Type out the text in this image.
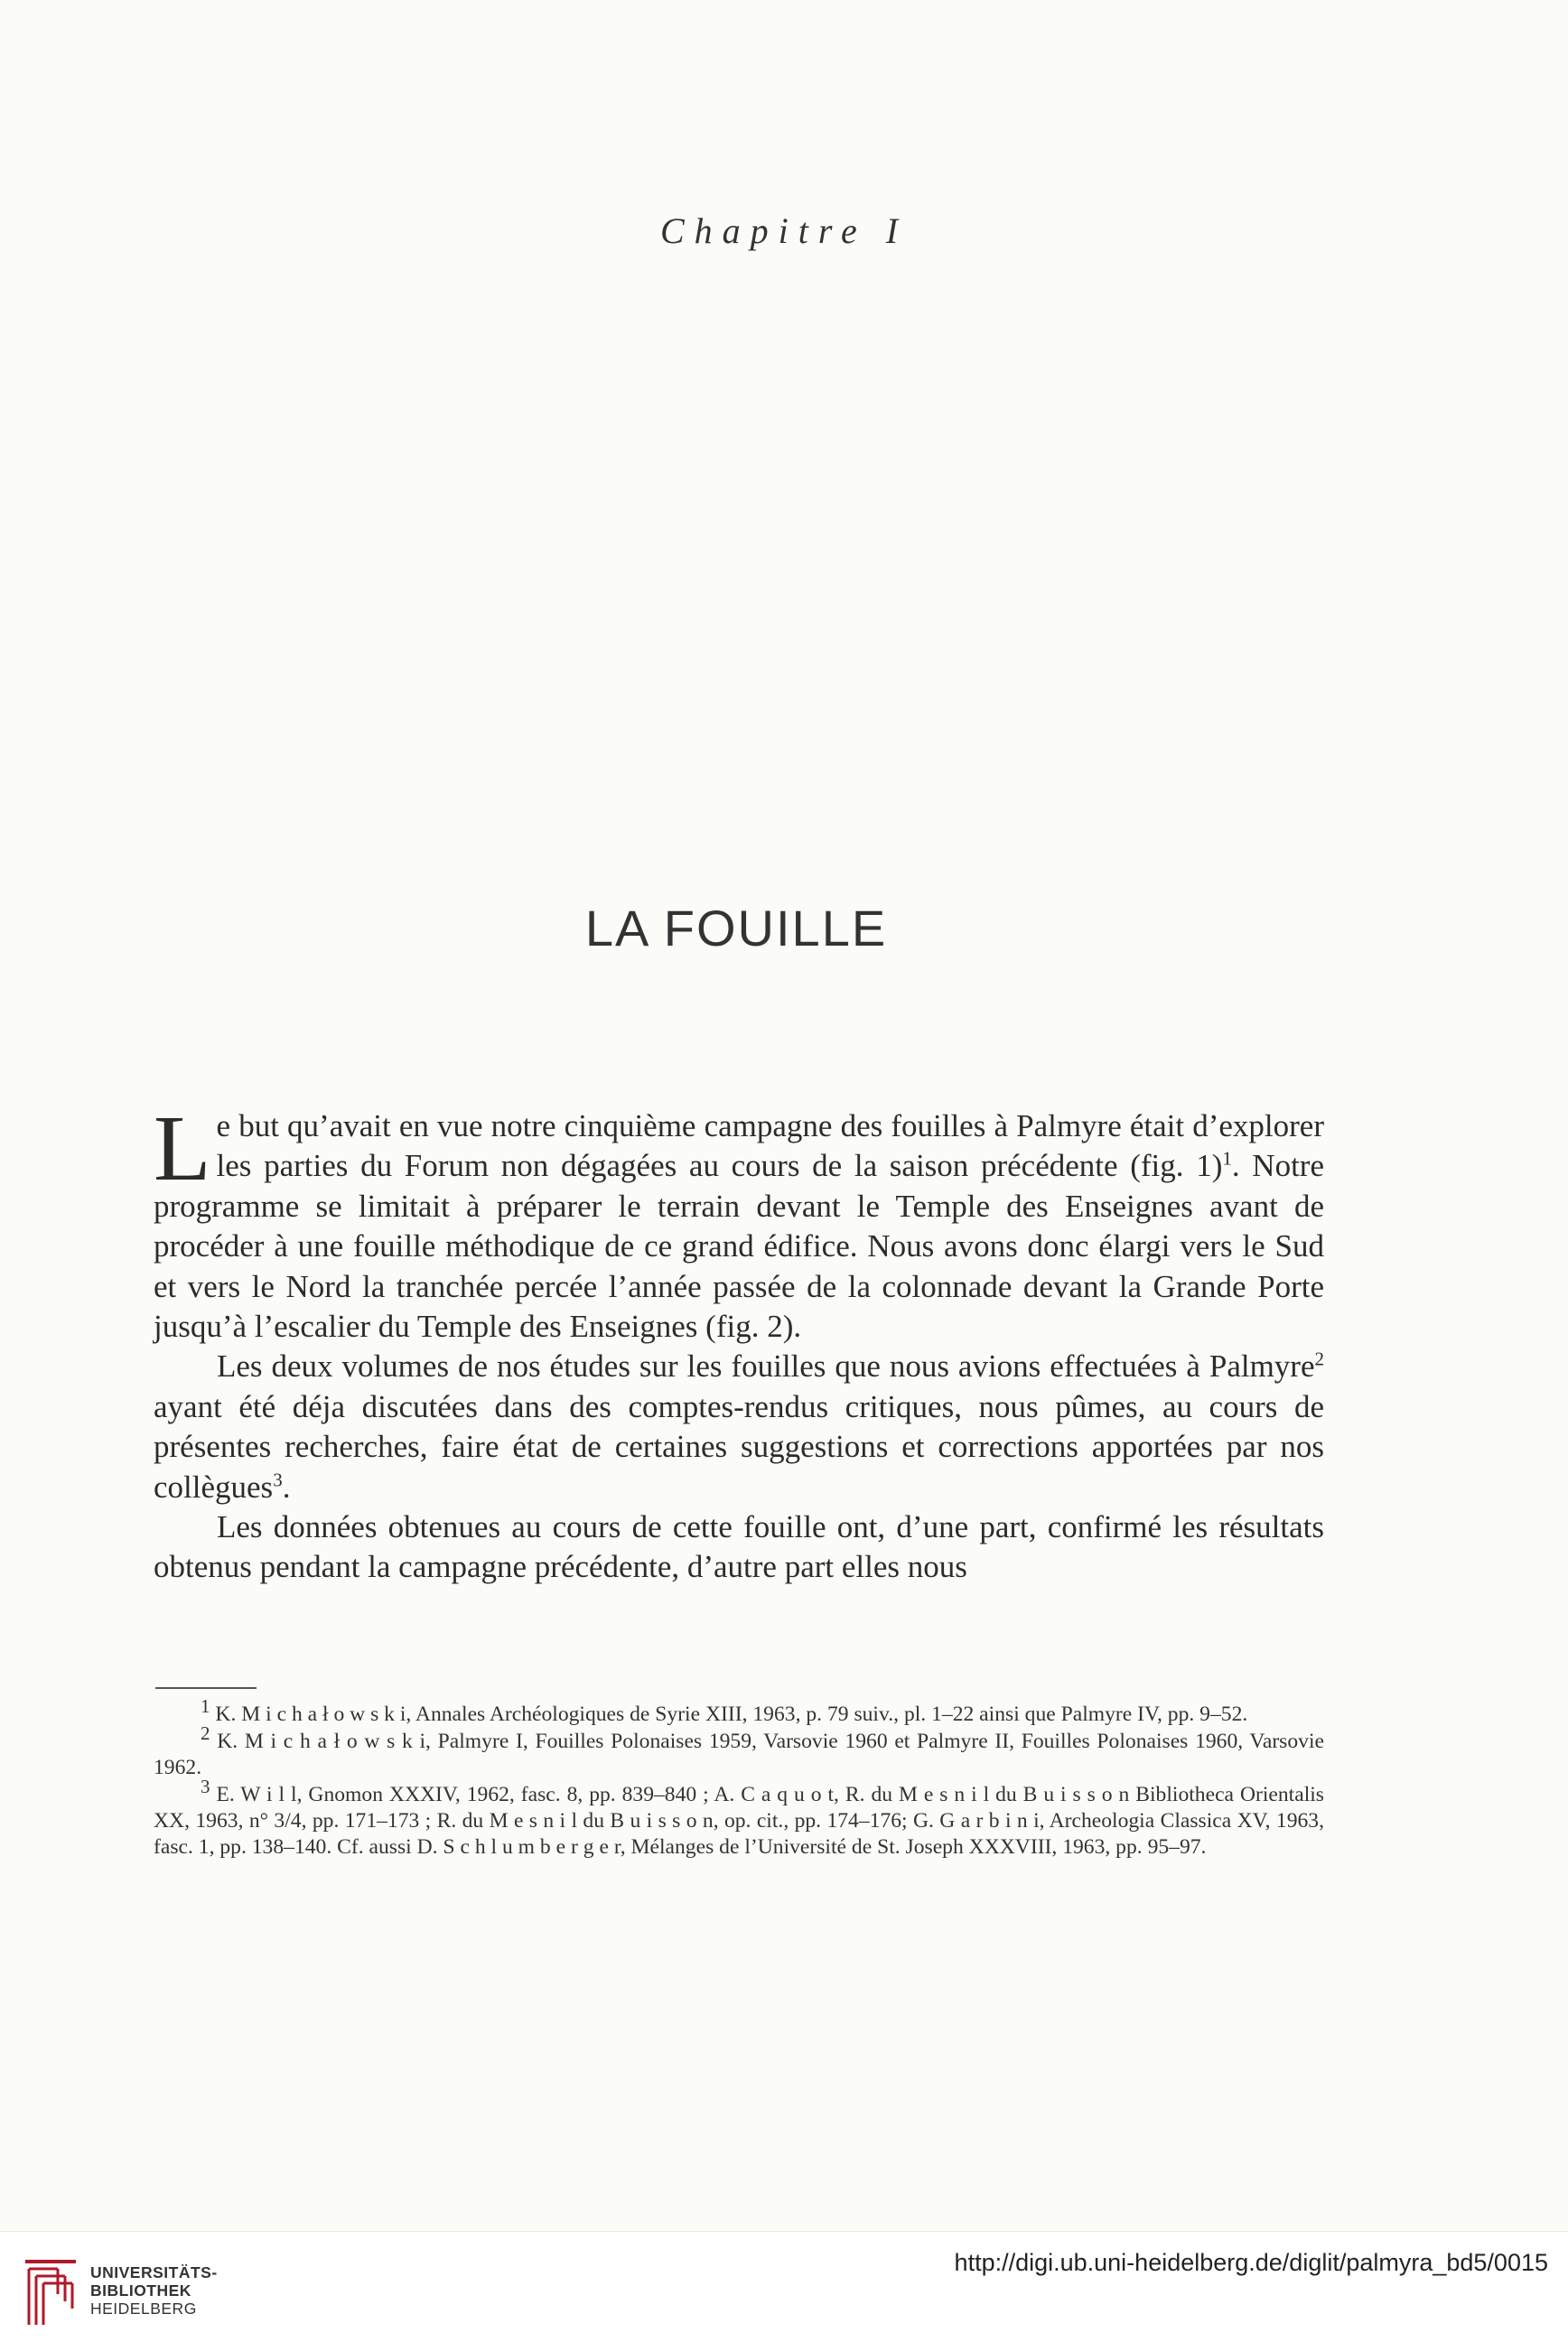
Chapitre I
LA FOUILLE

Le but qu’avait en vue notre cinquième campagne des fouilles à Palmyre était d’explorer les parties du Forum non dégagées au cours de la saison précédente (fig. 1)$^1$. Notre programme se limitait à préparer le terrain devant le Temple des Enseignes avant de procéder à une fouille méthodique de ce grand édifice. Nous avons donc élargi vers le Sud et vers le Nord la tranchée percée l’année passée de la colonnade devant la Grande Porte jusqu’à l’escalier du Temple des Enseignes (fig. 2).

Les deux volumes de nos études sur les fouilles que nous avions effectuées à Palmyre$^2$ ayant été déja discutées dans des comptes-rendus critiques, nous pûmes, au cours de présentes recherches, faire état de certaines suggestions et corrections apportées par nos collègues$^3$.

Les données obtenues au cours de cette fouille ont, d’une part, confirmé les résultats obtenus pendant la campagne précédente, d’autre part elles nous

$^1$ K. M i c h a ł o w s k i, Annales Archéologiques de Syrie XIII, 1963, p. 79 suiv., pl. 1–22 ainsi que Palmyre IV, pp. 9–52.

$^2$ K. M i c h a ł o w s k i, Palmyre I, Fouilles Polonaises 1959, Varsovie 1960 et Palmyre II, Fouilles Polonaises 1960, Varsovie 1962.

$^3$ E. W i l l, Gnomon XXXIV, 1962, fasc. 8, pp. 839–840 ; A. C a q u o t, R. du M e s n i l du B u i s s o n Bibliotheca Orientalis XX, 1963, n° 3/4, pp. 171–173 ; R. du M e s n i l du B u i s s o n, op. cit., pp. 174–176; G. G a r b i n i, Archeologia Classica XV, 1963, fasc. 1, pp. 138–140. Cf. aussi D. S c h l u m b e r g e r, Mélanges de l’Université de St. Joseph XXXVIII, 1963, pp. 95–97.

UNIVERSITÄTS-
BIBLIOTHEK
HEIDELBERG
http://digi.ub.uni-heidelberg.de/diglit/palmyra_bd5/0015
